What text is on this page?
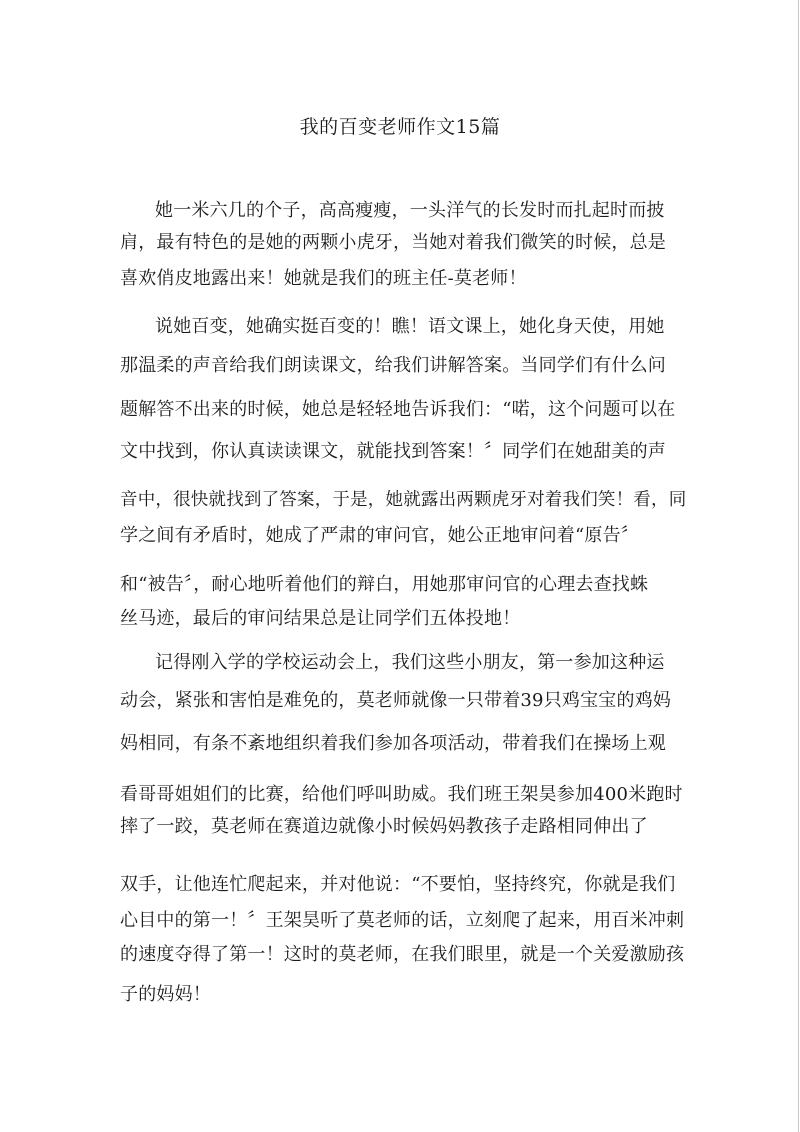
我的百变老师作文15篇
她一米六几的个子，高高瘦瘦，一头洋气的长发时而扎起时而披
肩，最有特色的是她的两颗小虎牙，当她对着我们微笑的时候，总是
喜欢俏皮地露出来！她就是我们的班主任-莫老师！
说她百变，她确实挺百变的！瞧！语文课上，她化身天使，用她
那温柔的声音给我们朗读课文，给我们讲解答案。当同学们有什么问
题解答不出来的时候，她总是轻轻地告诉我们：“喏，这个问题可以在
文中找到，你认真读读课文，就能找到答案！〞同学们在她甜美的声
音中，很快就找到了答案，于是，她就露出两颗虎牙对着我们笑！看，同
学之间有矛盾时，她成了严肃的审问官，她公正地审问着“原告〞
和“被告〞，耐心地听着他们的辩白，用她那审问官的心理去查找蛛
丝马迹，最后的审问结果总是让同学们五体投地！
记得刚入学的学校运动会上，我们这些小朋友，第一参加这种运
动会，紧张和害怕是难免的，莫老师就像一只带着39只鸡宝宝的鸡妈
妈相同，有条不紊地组织着我们参加各项活动，带着我们在操场上观
看哥哥姐姐们的比赛，给他们呼叫助威。我们班王架昊参加400米跑时
摔了一跤，莫老师在赛道边就像小时候妈妈教孩子走路相同伸出了
双手，让他连忙爬起来，并对他说：“不要怕，坚持终究，你就是我们
心目中的第一！〞王架昊听了莫老师的话，立刻爬了起来，用百米冲刺
的速度夺得了第一！这时的莫老师，在我们眼里，就是一个关爱激励孩
子的妈妈！
